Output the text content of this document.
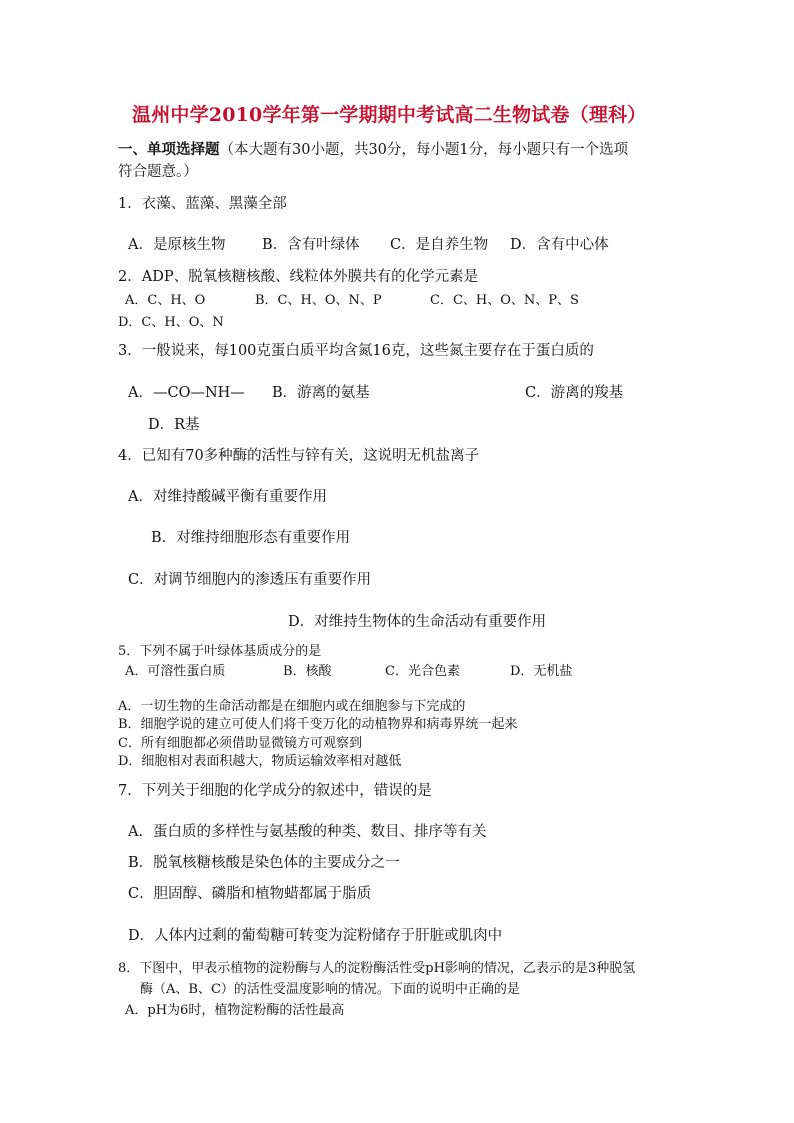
温州中学2010学年第一学期期中考试高二生物试卷（理科）
一、单项选择题（本大题有30小题，共30分，每小题1分，每小题只有一个选项
符合题意。）
1．衣藻、蓝藻、黑藻全部
A．是原核生物	B．含有叶绿体 C．是自养生物 D．含有中心体
2．ADP、脱氧核糖核酸、线粒体外膜共有的化学元素是
A．C、H、O	B．C、H、O、N、P	C．C、H、O、N、P、S
D．C、H、O、N
3．一般说来，每100克蛋白质平均含氮16克，这些氮主要存在于蛋白质的
A．—CO—NH— B．游离的氨基	C．游离的羧基
D．R基
4．已知有70多种酶的活性与锌有关，这说明无机盐离子
A．对维持酸碱平衡有重要作用
B．对维持细胞形态有重要作用
C．对调节细胞内的渗透压有重要作用
D．对维持生物体的生命活动有重要作用
5．下列不属于叶绿体基质成分的是
A．可溶性蛋白质	B．核酸	C．光合色素	D．无机盐
A．一切生物的生命活动都是在细胞内或在细胞参与下完成的
B．细胞学说的建立可使人们将千变万化的动植物界和病毒界统一起来
C．所有细胞都必须借助显微镜方可观察到
D．细胞相对表面积越大，物质运输效率相对越低
7．下列关于细胞的化学成分的叙述中，错误的是
A．蛋白质的多样性与氨基酸的种类、数目、排序等有关
B．脱氧核糖核酸是染色体的主要成分之一
C．胆固醇、磷脂和植物蜡都属于脂质
D．人体内过剩的葡萄糖可转变为淀粉储存于肝脏或肌肉中
8．下图中，甲表示植物的淀粉酶与人的淀粉酶活性受pH影响的情况，乙表示的是3种脱氢
酶（A、B、C）的活性受温度影响的情况。下面的说明中正确的是
A．pH为6时，植物淀粉酶的活性最高
